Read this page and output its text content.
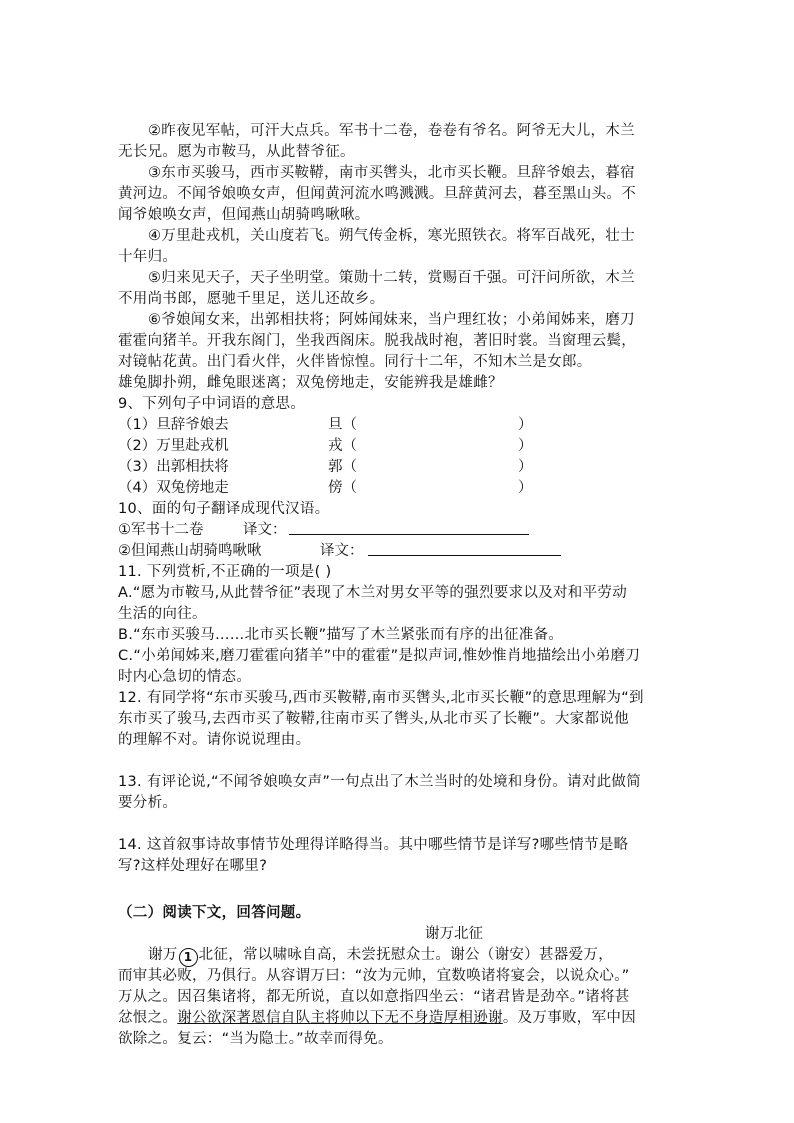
②昨夜见军帖，可汗大点兵。军书十二卷，卷卷有爷名。阿爷无大儿，木兰
无长兄。愿为市鞍马，从此替爷征。
③东市买骏马，西市买鞍鞯，南市买辔头，北市买长鞭。旦辞爷娘去，暮宿
黄河边。不闻爷娘唤女声，但闻黄河流水鸣溅溅。旦辞黄河去，暮至黑山头。不
闻爷娘唤女声，但闻燕山胡骑鸣啾啾。
④万里赴戎机，关山度若飞。朔气传金柝，寒光照铁衣。将军百战死，壮士
十年归。
⑤归来见天子，天子坐明堂。策勋十二转，赏赐百千强。可汗问所欲，木兰
不用尚书郎，愿驰千里足，送儿还故乡。
⑥爷娘闻女来，出郭相扶将；阿姊闻妹来，当户理红妆；小弟闻姊来，磨刀
霍霍向猪羊。开我东阁门，坐我西阁床。脱我战时袍，著旧时裳。当窗理云鬓，
对镜帖花黄。出门看火伴，火伴皆惊惶。同行十二年，不知木兰是女郎。
雄兔脚扑朔，雌兔眼迷离；双兔傍地走，安能辨我是雄雌？
9、下列句子中词语的意思。
（1）旦辞爷娘去	旦（	）
（2）万里赴戎机	戎（	）
（3）出郭相扶将	郭（	）
（4）双兔傍地走	傍（	）
10、面的句子翻译成现代汉语。
①军书十二卷	译文：
②但闻燕山胡骑鸣啾啾	译文：
11. 下列赏析,不正确的一项是( )
A.“愿为市鞍马,从此替爷征”表现了木兰对男女平等的强烈要求以及对和平劳动
生活的向往。
B.“东市买骏马……北市买长鞭”描写了木兰紧张而有序的出征准备。
C.“小弟闻姊来,磨刀霍霍向猪羊”中的霍霍”是拟声词,惟妙惟肖地描绘出小弟磨刀
时内心急切的情态。
12. 有同学将“东市买骏马,西市买鞍鞯,南市买辔头,北市买长鞭”的意思理解为“到
东市买了骏马,去西市买了鞍鞯,往南市买了辔头,从北市买了长鞭”。大家都说他
的理解不对。请你说说理由。
13. 有评论说,“不闻爷娘唤女声”一句点出了木兰当时的处境和身份。请对此做简
要分析。
14. 这首叙事诗故事情节处理得详略得当。其中哪些情节是详写?哪些情节是略
写?这样处理好在哪里?
（二）阅读下文，回答问题。
谢万北征
谢万 1 北征，常以啸咏自高，未尝抚慰众士。谢公（谢安）甚器爱万，
而审其必败，乃俱行。从容谓万曰：“汝为元帅，宜数唤诸将宴会，以说众心。”
万从之。因召集诸将，都无所说，直以如意指四坐云：“诸君皆是劲卒。”诸将甚
忿恨之。谢公欲深著恩信自队主将帅以下无不身造厚相逊谢。及万事败，军中因
欲除之。复云：“当为隐士。”故幸而得免。
